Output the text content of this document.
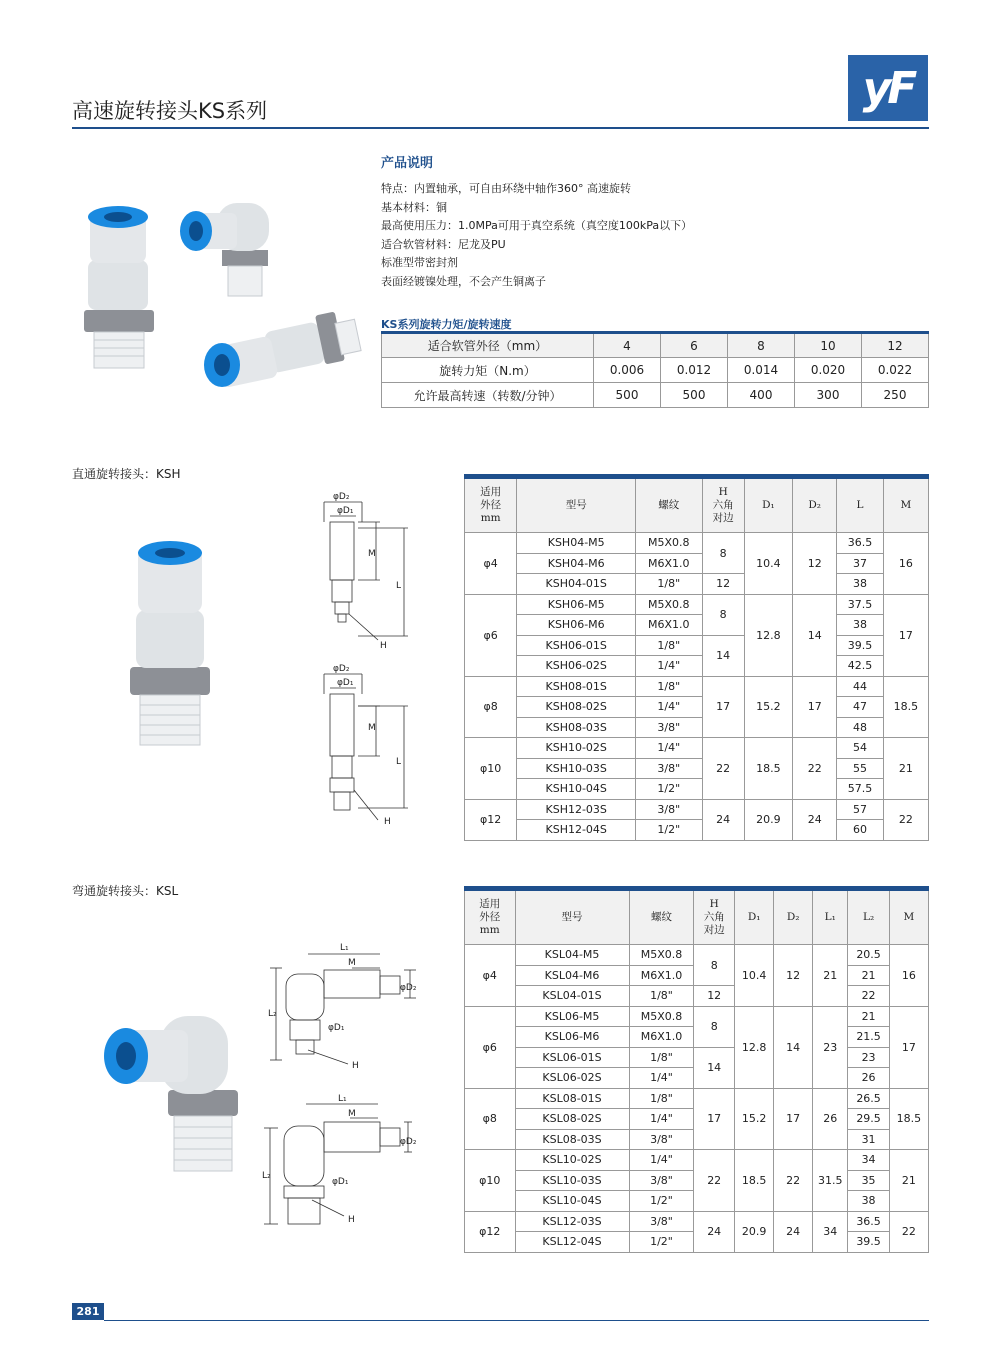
高速旋转接头KS系列	yF
产品说明
特点：内置轴承，可自由环绕中轴作360° 高速旋转
基本材料：铜
最高使用压力：1.0MPa可用于真空系统（真空度100kPa以下）
适合软管材料：尼龙及PU
标准型带密封剂
表面经镀镍处理，不会产生铜离子
KS系列旋转力矩/旋转速度
适合软管外径（mm）	4	6	8	10	12
旋转力矩（N.m）	0.006	0.012	0.014	0.020	0.022
允许最高转速（转数/分钟）	500	500	400	300	250
直通旋转接头：KSH
φD₂
φD₁
M
L
H
φD₂
φD₁
M
L
H
适用
外径
mm	型号	螺纹	H
六角
对边	D₁	D₂	L	M
φ4	KSH04-M5	M5X0.8	8	10.4	12	36.5	16
	KSH04-M6	M6X1.0				37	
	KSH04-01S	1/8"	12			38	
φ6	KSH06-M5	M5X0.8	8	12.8	14	37.5	17
	KSH06-M6	M6X1.0				38	
	KSH06-01S	1/8"	14			39.5	
	KSH06-02S	1/4"				42.5	
φ8	KSH08-01S	1/8"	17	15.2	17	44	18.5
	KSH08-02S	1/4"				47	
	KSH08-03S	3/8"				48	
φ10	KSH10-02S	1/4"	22	18.5	22	54	21
	KSH10-03S	3/8"				55	
	KSH10-04S	1/2"				57.5	
φ12	KSH12-03S	3/8"	24	20.9	24	57	22
	KSH12-04S	1/2"				60	
弯通旋转接头：KSL
L₁
M
φD₂
φD₁
L₂
H
L₁
M
φD₂
φD₁
L₂
H
适用
外径
mm	型号	螺纹	H
六角
对边	D₁	D₂	L₁	L₂	M
φ4	KSL04-M5	M5X0.8	8	10.4	12	21	20.5	16
	KSL04-M6	M6X1.0					21	
	KSL04-01S	1/8"	12				22	
φ6	KSL06-M5	M5X0.8	8	12.8	14	23	21	17
	KSL06-M6	M6X1.0					21.5	
	KSL06-01S	1/8"	14				23	
	KSL06-02S	1/4"					26	
φ8	KSL08-01S	1/8"	17	15.2	17	26	26.5	18.5
	KSL08-02S	1/4"					29.5	
	KSL08-03S	3/8"					31	
φ10	KSL10-02S	1/4"	22	18.5	22	31.5	34	21
	KSL10-03S	3/8"					35	
	KSL10-04S	1/2"					38	
φ12	KSL12-03S	3/8"	24	20.9	24	34	36.5	22
	KSL12-04S	1/2"					39.5	
281
